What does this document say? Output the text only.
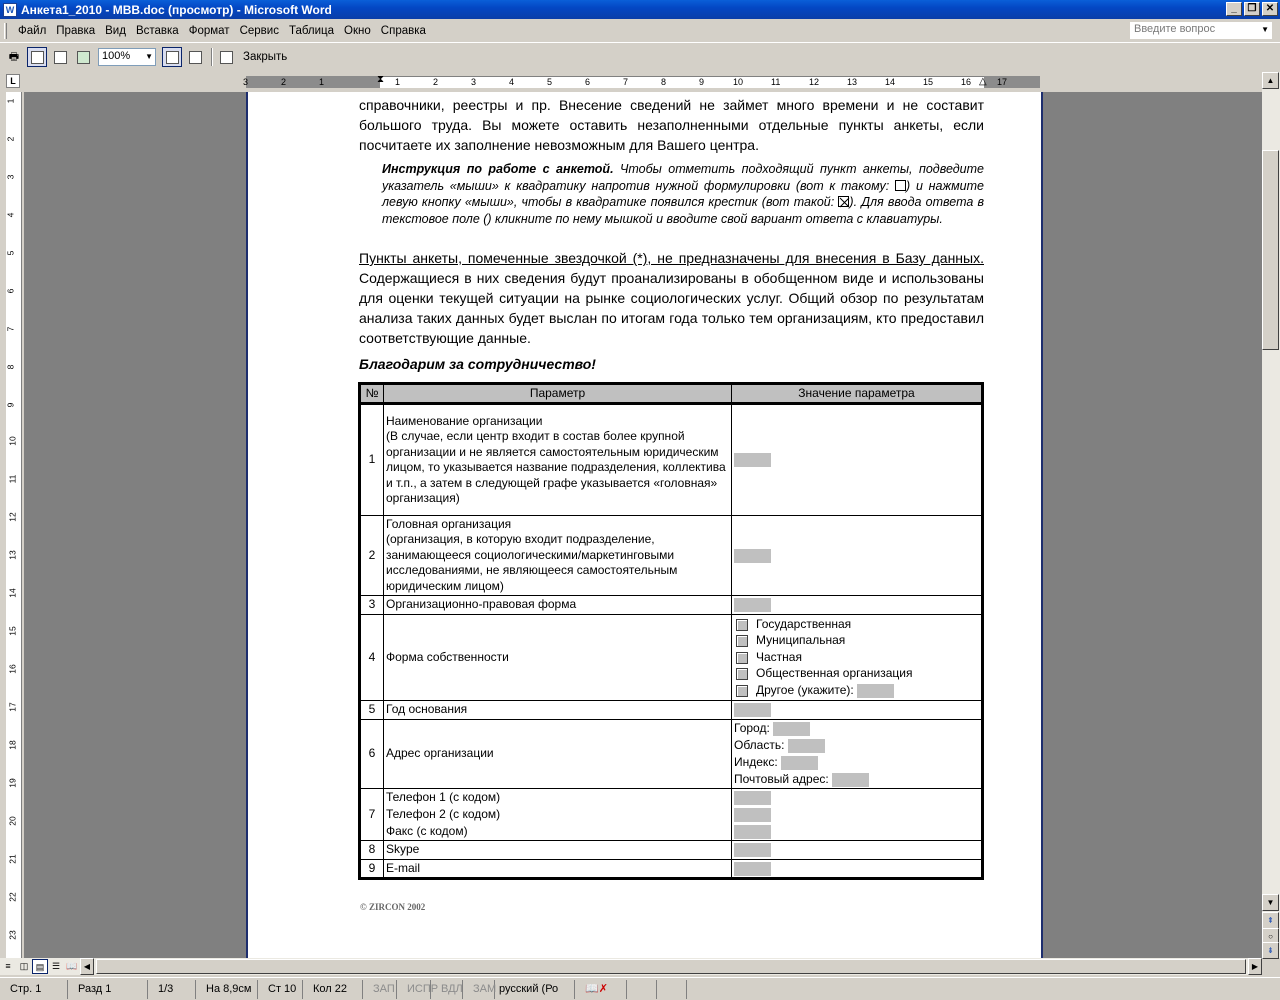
W Анкета1_2010 - МВВ.doc (просмотр) - Microsoft Word	_	❐ ✕
Файл Правка Вид Вставка Формат Сервис Таблица Окно Справка	Введите вопрос	▼
🖶	100% ▼	Закрыть
3	2	1	1	2	3	4	5	6	7	8	9	10	11	12	13	14	15	16	17
⧗	△
L
1
2
3
4
5
6
7
8
9
10
11
12
13
14
15
16
17
18
19
20
21
22
23

справочники, реестры и пр. Внесение сведений не займет много времени и не составит большого труда. Вы можете оставить незаполненными отдельные пункты анкеты, если посчитаете их заполнение невозможным для Вашего центра.

Инструкция по работе с анкетой. Чтобы отметить подходящий пункт анкеты, подведите указатель «мыши» к квадратику напротив нужной формулировки (вот к такому: ) и нажмите левую кнопку «мыши», чтобы в квадратике появился крестик (вот такой: ). Для ввода ответа в текстовое поле () кликните по нему мышкой и вводите свой вариант ответа с клавиатуры.

Пункты анкеты, помеченные звездочкой (*), не предназначены для внесения в Базу данных. Содержащиеся в них сведения будут проанализированы в обобщенном виде и использованы для оценки текущей ситуации на рынке социологических услуг. Общий обзор по результатам анализа таких данных будет выслан по итогам года только тем организациям, кто предоставил соответствующие данные.

Благодарим за сотрудничество!
№	Параметр	Значение параметра
1	Наименование организации
(В случае, если центр входит в состав более крупной организации и не является самостоятельным юридическим лицом, то указывается название подразделения, коллектива и т.п., а затем в следующей графе указывается «головная» организация)	
2	Головная организация
(организация, в которую входит подразделение, занимающееся социологическими/маркетинговыми исследованиями, не являющееся самостоятельным юридическим лицом)	
3	Организационно-правовая форма	
4	Форма собственности	Государственная
Муниципальная
Частная
Общественная организация
Другое (укажите):

5	Год основания	
6	Адрес организации	Город:
Область:
Индекс:
Почтовый адрес:

7	Телефон 1 (с кодом)
Телефон 2 (с кодом)
Факс (с кодом)	

8	Skype	
9	E-mail	
© ZIRCON 2002
▲
▼
⇞
○
⇟
≡	◫ ▤ ☰ 📖 ◀	▶
Стр. 1	Разд 1	1/3	На 8,9см	Ст 10	Кол 22	ЗАП	ИСПР ВДЛ ЗАМ русский (Ро	📖✗
